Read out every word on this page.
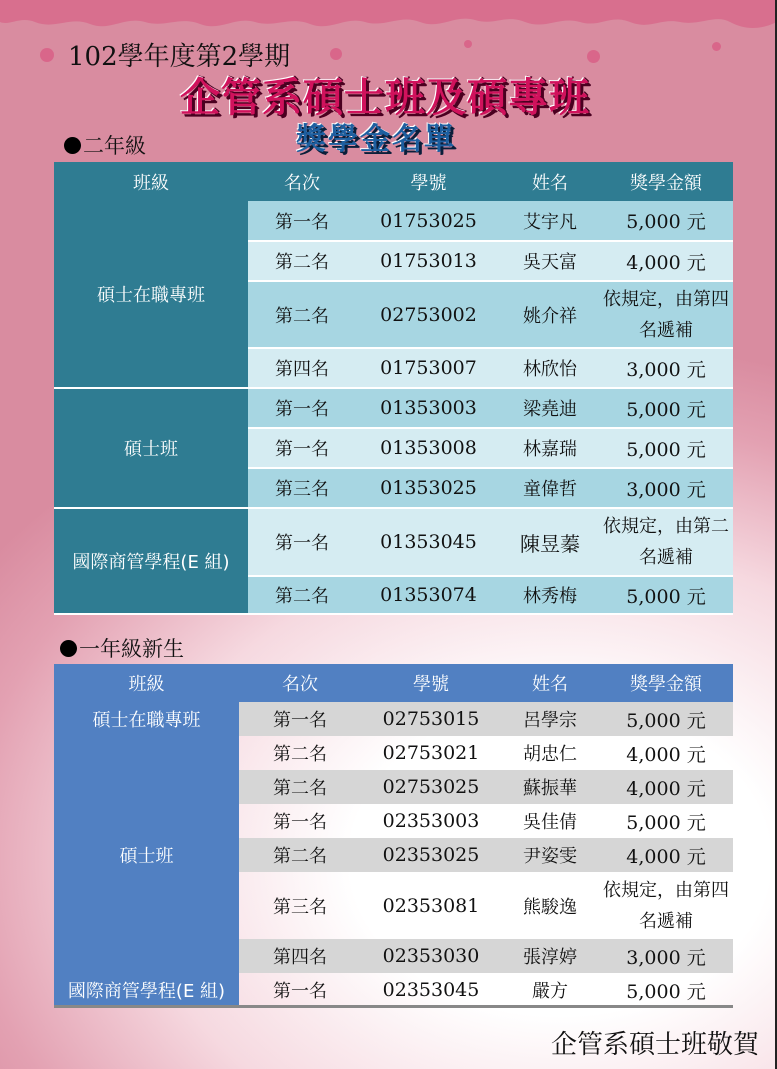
102學年度第2學期
企管系碩士班及碩專班
獎學金名單
二年級
班級	名次	學號	姓名	獎學金額
碩士在職專班	第一名	01753025	艾宇凡	5,000 元
	第二名	01753013	吳天富	4,000 元
	第二名	02753002	姚介祥	依規定，由第四名遞補
	第四名	01753007	林欣怡	3,000 元
碩士班	第一名	01353003	梁堯迪	5,000 元
	第一名	01353008	林嘉瑞	5,000 元
	第三名	01353025	童偉哲	3,000 元
國際商管學程(E 組)	第一名	01353045	陳昱蓁	依規定，由第二名遞補
	第二名	01353074	林秀梅	5,000 元
一年級新生
班級	名次	學號	姓名	獎學金額
碩士在職專班	第一名	02753015	呂學宗	5,000 元
碩士班	第二名	02753021	胡忠仁	4,000 元
	第二名	02753025	蘇振華	4,000 元
	第一名	02353003	吳佳倩	5,000 元
	第二名	02353025	尹姿雯	4,000 元
	第三名	02353081	熊駿逸	依規定，由第四名遞補
	第四名	02353030	張淳婷	3,000 元
國際商管學程(E 組)	第一名	02353045	嚴方	5,000 元
企管系碩士班敬賀
